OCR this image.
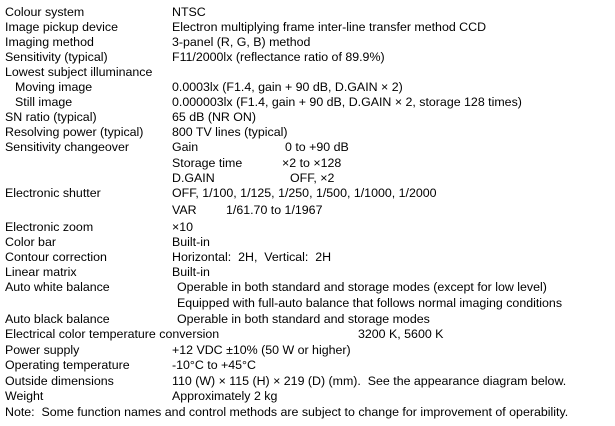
Colour system	NTSC
Image pickup device	Electron multiplying frame inter-line transfer method CCD
Imaging method	3-panel (R, G, B) method
Sensitivity (typical)	F11/2000lx (reflectance ratio of 89.9%)
Lowest subject illuminance
Moving image	0.0003lx (F1.4, gain + 90 dB, D.GAIN × 2)
Still image	0.000003lx (F1.4, gain + 90 dB, D.GAIN × 2, storage 128 times)
SN ratio (typical)	65 dB (NR ON)
Resolving power (typical) 800 TV lines (typical)
Sensitivity changeover	Gain	0 to +90 dB
Storage time	×2 to ×128
D.GAIN	OFF, ×2
Electronic shutter	OFF, 1/100, 1/125, 1/250, 1/500, 1/1000, 1/2000
VAR 1/61.70 to 1/1967
Electronic zoom	×10
Color bar	Built-in
Contour correction	Horizontal:  2H,  Vertical:  2H
Linear matrix	Built-in
Auto white balance	Operable in both standard and storage modes (except for low level)
Equipped with full-auto balance that follows normal imaging conditions
Auto black balance	Operable in both standard and storage modes
Electrical color temperature conversion	3200 K, 5600 K
Power supply	+12 VDC ±10% (50 W or higher)
Operating temperature	-10°C to +45°C
Outside dimensions	110 (W) × 115 (H) × 219 (D) (mm).  See the appearance diagram below.
Weight	Approximately 2 kg
Note:  Some function names and control methods are subject to change for improvement of operability.
